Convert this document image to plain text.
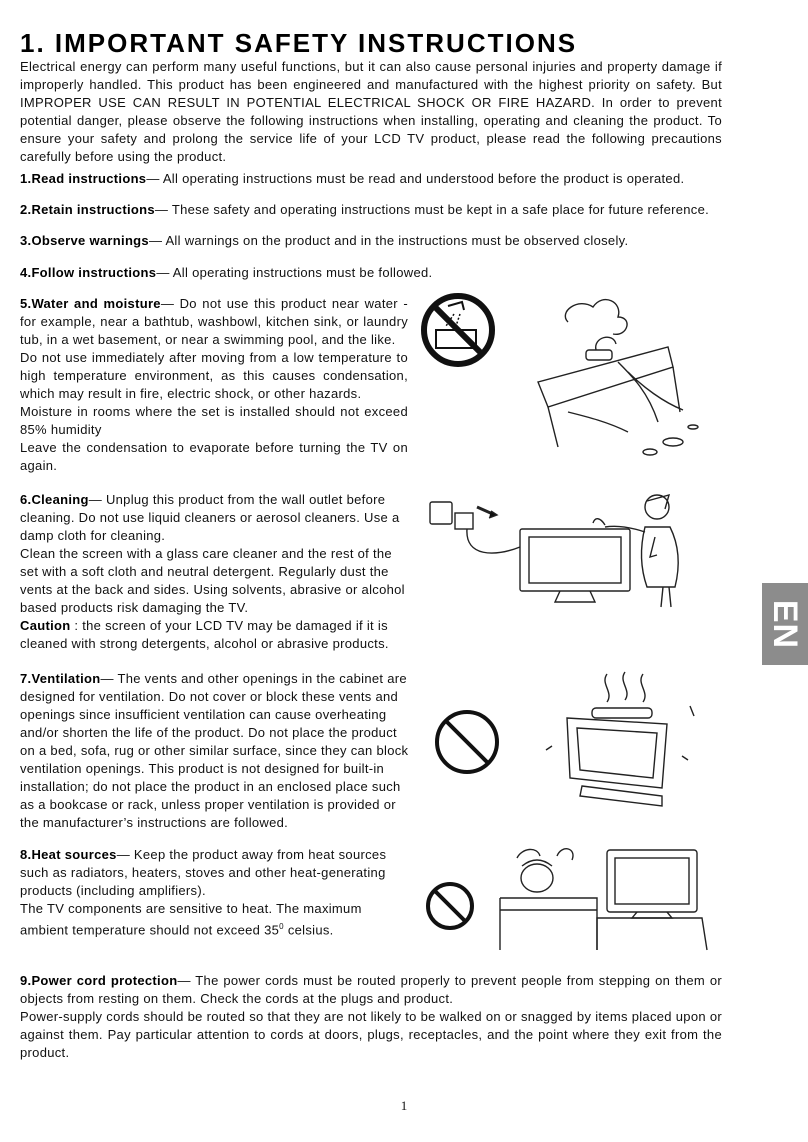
1. IMPORTANT SAFETY INSTRUCTIONS

Electrical energy can perform many useful functions, but it can also cause personal injuries and property damage if improperly handled. This product has been engineered and manufactured with the highest priority on safety. But IMPROPER USE CAN RESULT IN POTENTIAL ELECTRICAL SHOCK OR FIRE HAZARD. In order to prevent potential danger, please observe the following instructions when installing, operating and cleaning the product. To ensure your safety and prolong the service life of your LCD TV product, please read the following precautions carefully before using the product.

1.Read instructions— All operating instructions must be read and understood before the product is operated.

2.Retain instructions— These safety and operating instructions must be kept in a safe place for future reference.

3.Observe warnings— All warnings on the product and in the instructions must be observed closely.

4.Follow instructions— All operating instructions must be followed.

5.Water and moisture— Do not use this product near water - for example, near a bathtub, washbowl, kitchen sink, or laundry tub, in a wet basement, or near a swimming pool, and the like.
Do not use immediately after moving from a low temperature to high temperature environment, as this causes condensation, which may result in fire, electric shock, or other hazards.
Moisture in rooms where the set is installed should not exceed 85% humidity
Leave the condensation to evaporate before turning the TV on again.
6.Cleaning— Unplug this product from the wall outlet before cleaning. Do not use liquid cleaners or aerosol cleaners. Use a damp cloth for cleaning.
Clean the screen with a glass care cleaner and the rest of the set with a soft cloth and neutral detergent. Regularly dust the vents at the back and sides. Using solvents, abrasive or alcohol based products risk damaging the TV.
Caution : the screen of your LCD TV may be damaged if it is cleaned with strong detergents, alcohol or abrasive products.

7.Ventilation— The vents and other openings in the cabinet are designed for ventilation. Do not cover or block these vents and openings since insufficient ventilation can cause overheating and/or shorten the life of the product. Do not place the product on a bed, sofa, rug or other similar surface, since they can block ventilation openings. This product is not designed for built-in installation; do not place the product in an enclosed place such as a bookcase or rack, unless proper ventilation is provided or the manufacturer’s instructions are followed.

8.Heat sources— Keep the product away from heat sources such as radiators, heaters, stoves and other heat-generating products (including amplifiers).
The TV components are sensitive to heat. The maximum ambient temperature should not exceed $35^0$ celsius.
9.Power cord protection— The power cords must be routed properly to prevent people from stepping on them or objects from resting on them. Check the cords at the plugs and product.
Power-supply cords should be routed so that they are not likely to be walked on or snagged by items placed upon or against them. Pay particular attention to cords at doors, plugs, receptacles, and the point where they exit from the product.
EN
1
